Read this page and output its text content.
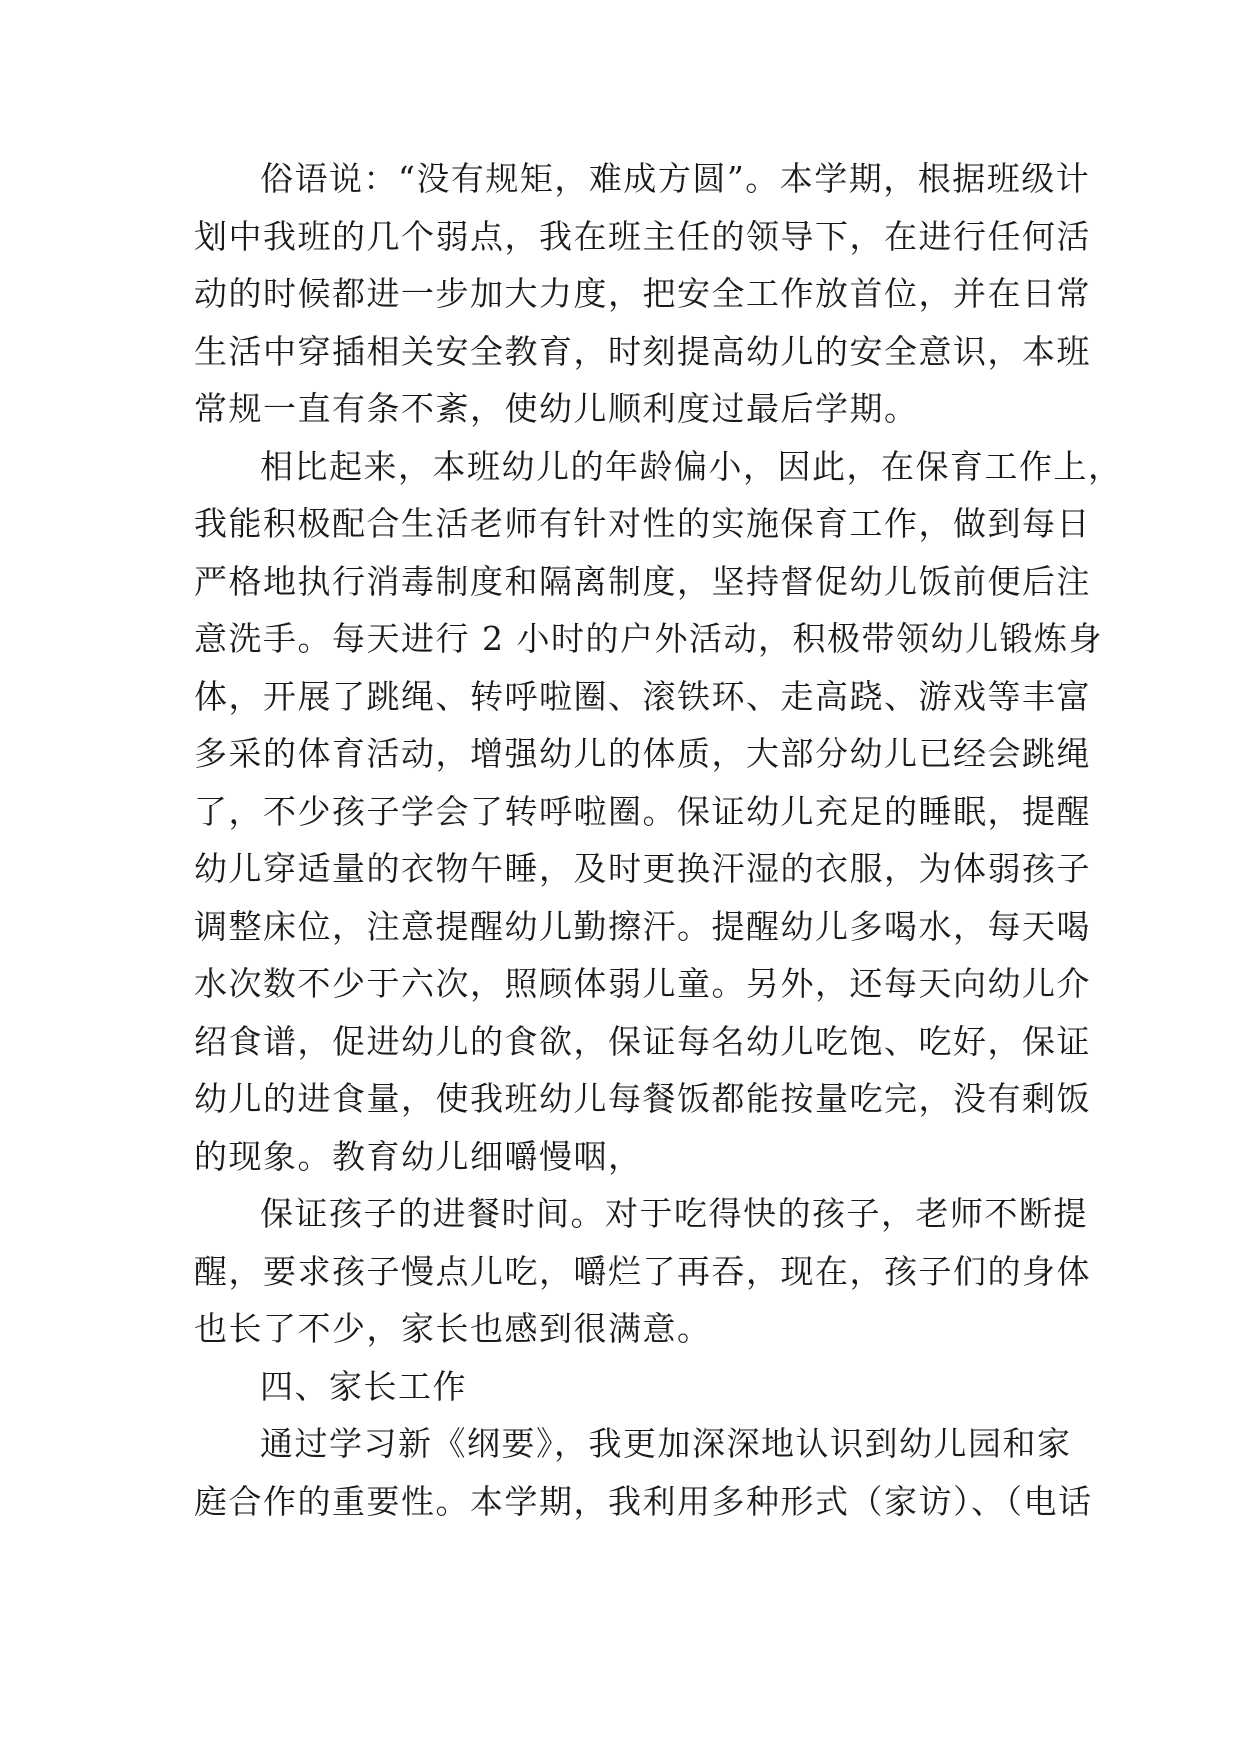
俗语说：“没有规矩，难成方圆”。本学期，根据班级计
划中我班的几个弱点，我在班主任的领导下，在进行任何活
动的时候都进一步加大力度，把安全工作放首位，并在日常
生活中穿插相关安全教育，时刻提高幼儿的安全意识，本班
常规一直有条不紊，使幼儿顺利度过最后学期。
相比起来，本班幼儿的年龄偏小，因此，在保育工作上，
我能积极配合生活老师有针对性的实施保育工作，做到每日
严格地执行消毒制度和隔离制度，坚持督促幼儿饭前便后注
意洗手。每天进行 2 小时的户外活动，积极带领幼儿锻炼身
体，开展了跳绳、转呼啦圈、滚铁环、走高跷、游戏等丰富
多采的体育活动，增强幼儿的体质，大部分幼儿已经会跳绳
了，不少孩子学会了转呼啦圈。保证幼儿充足的睡眠，提醒
幼儿穿适量的衣物午睡，及时更换汗湿的衣服，为体弱孩子
调整床位，注意提醒幼儿勤擦汗。提醒幼儿多喝水，每天喝
水次数不少于六次，照顾体弱儿童。另外，还每天向幼儿介
绍食谱，促进幼儿的食欲，保证每名幼儿吃饱、吃好，保证
幼儿的进食量，使我班幼儿每餐饭都能按量吃完，没有剩饭
的现象。教育幼儿细嚼慢咽，
保证孩子的进餐时间。对于吃得快的孩子，老师不断提
醒，要求孩子慢点儿吃，嚼烂了再吞，现在，孩子们的身体
也长了不少，家长也感到很满意。
四、家长工作
通过学习新《纲要》，我更加深深地认识到幼儿园和家
庭合作的重要性。本学期，我利用多种形式（家访）、（电话
